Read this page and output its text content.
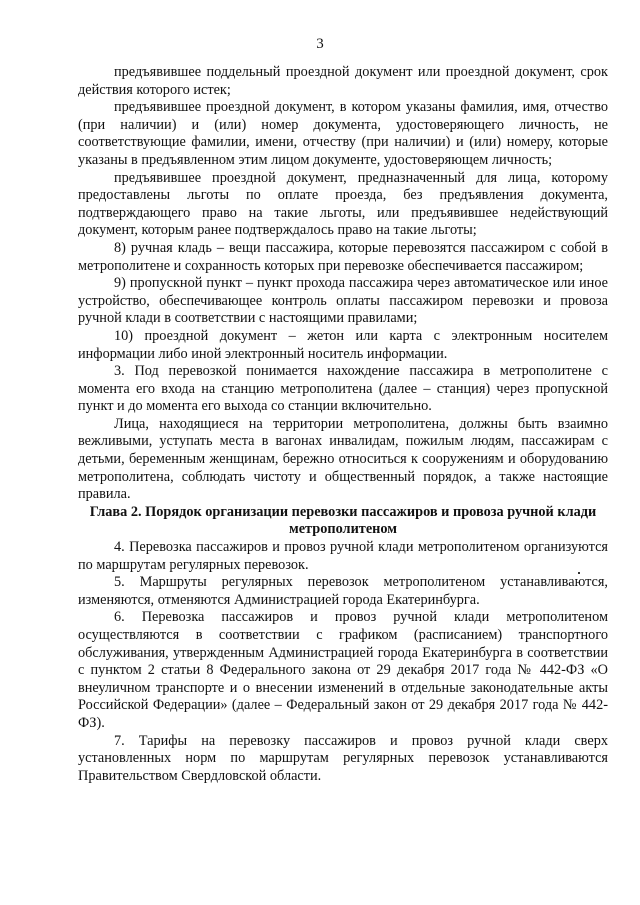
3

предъявившее поддельный проездной документ или проездной документ, срок действия которого истек;

предъявившее проездной документ, в котором указаны фамилия, имя, отчество (при наличии) и (или) номер документа, удостоверяющего личность, не соответствующие фамилии, имени, отчеству (при наличии) и (или) номеру, которые указаны в предъявленном этим лицом документе, удостоверяющем личность;

предъявившее проездной документ, предназначенный для лица, которому предоставлены льготы по оплате проезда, без предъявления документа, подтверждающего право на такие льготы, или предъявившее недействующий документ, которым ранее подтверждалось право на такие льготы;

8) ручная кладь – вещи пассажира, которые перевозятся пассажиром с собой в метрополитене и сохранность которых при перевозке обеспечивается пассажиром;

9) пропускной пункт – пункт прохода пассажира через автоматическое или иное устройство, обеспечивающее контроль оплаты пассажиром перевозки и провоза ручной клади в соответствии с настоящими правилами;

10) проездной документ – жетон или карта с электронным носителем информации либо иной электронный носитель информации.

3. Под перевозкой понимается нахождение пассажира в метрополитене с момента его входа на станцию метрополитена (далее – станция) через пропускной пункт и до момента его выхода со станции включительно.

Лица, находящиеся на территории метрополитена, должны быть взаимно вежливыми, уступать места в вагонах инвалидам, пожилым людям, пассажирам с детьми, беременным женщинам, бережно относиться к сооружениям и оборудованию метрополитена, соблюдать чистоту и общественный порядок, а также настоящие правила.

Глава 2. Порядок организации перевозки пассажиров и провоза ручной клади метрополитеном

4. Перевозка пассажиров и провоз ручной клади метрополитеном организуются по маршрутам регулярных перевозок.

5. Маршруты регулярных перевозок метрополитеном устанавливаются, изменяются, отменяются Администрацией города Екатеринбурга.

6. Перевозка пассажиров и провоз ручной клади метрополитеном осуществляются в соответствии с графиком (расписанием) транспортного обслуживания, утвержденным Администрацией города Екатеринбурга в соответствии с пунктом 2 статьи 8 Федерального закона от 29 декабря 2017 года № 442-ФЗ «О внеуличном транспорте и о внесении изменений в отдельные законодательные акты Российской Федерации» (далее – Федеральный закон от 29 декабря 2017 года № 442-ФЗ).

7. Тарифы на перевозку пассажиров и провоз ручной клади сверх установленных норм по маршрутам регулярных перевозок устанавливаются Правительством Свердловской области.
